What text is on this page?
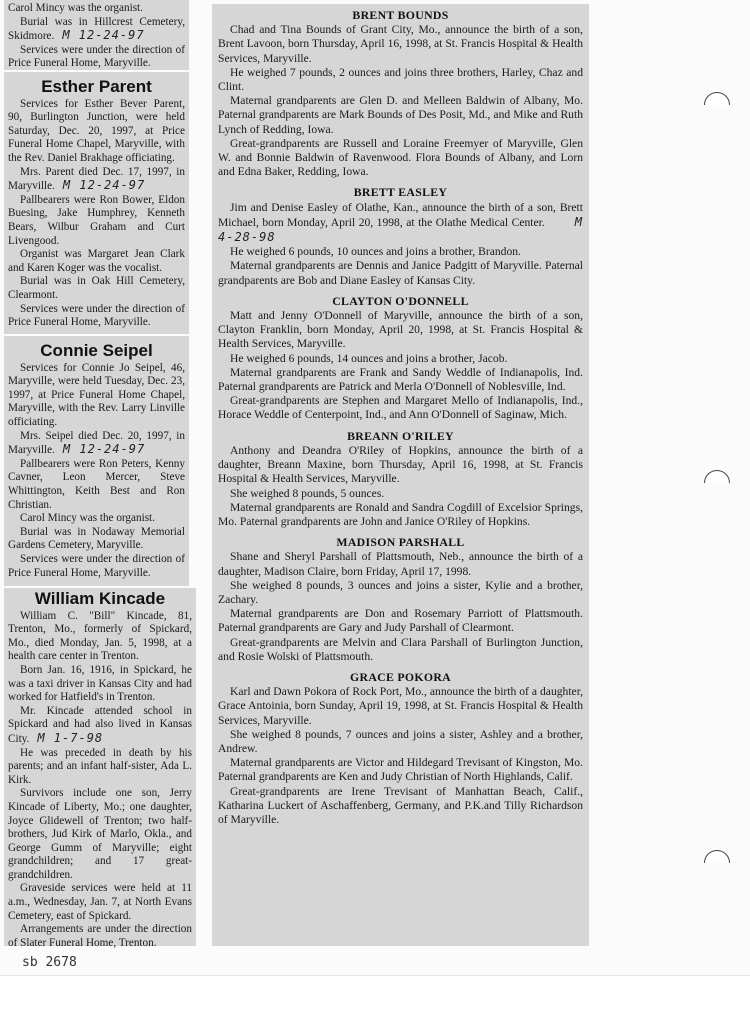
Carol Mincy was the organist.

Burial was in Hillcrest Cemetery, Skidmore. M 12-24-97

Services were under the direction of Price Funeral Home, Maryville.

Esther Parent

Services for Esther Bever Parent, 90, Burlington Junction, were held Saturday, Dec. 20, 1997, at Price Funeral Home Chapel, Maryville, with the Rev. Daniel Brakhage officiating.

Mrs. Parent died Dec. 17, 1997, in Maryville. M 12-24-97

Pallbearers were Ron Bower, Eldon Buesing, Jake Humphrey, Kenneth Bears, Wilbur Graham and Curt Livengood.

Organist was Margaret Jean Clark and Karen Koger was the vocalist.

Burial was in Oak Hill Cemetery, Clearmont.

Services were under the direction of Price Funeral Home, Maryville.

Connie Seipel

Services for Connie Jo Seipel, 46, Maryville, were held Tuesday, Dec. 23, 1997, at Price Funeral Home Chapel, Maryville, with the Rev. Larry Linville officiating.

Mrs. Seipel died Dec. 20, 1997, in Maryville. M 12-24-97

Pallbearers were Ron Peters, Kenny Cavner, Leon Mercer, Steve Whittington, Keith Best and Ron Christian.

Carol Mincy was the organist.

Burial was in Nodaway Memorial Gardens Cemetery, Maryville.

Services were under the direction of Price Funeral Home, Maryville.

William Kincade

William C. "Bill" Kincade, 81, Trenton, Mo., formerly of Spickard, Mo., died Monday, Jan. 5, 1998, at a health care center in Trenton.

Born Jan. 16, 1916, in Spickard, he was a taxi driver in Kansas City and had worked for Hatfield's in Trenton.

Mr. Kincade attended school in Spickard and had also lived in Kansas City. M 1-7-98

He was preceded in death by his parents; and an infant half-sister, Ada L. Kirk.

Survivors include one son, Jerry Kincade of Liberty, Mo.; one daughter, Joyce Glidewell of Trenton; two half-brothers, Jud Kirk of Marlo, Okla., and George Gumm of Maryville; eight grandchildren; and 17 great-grandchildren.

Graveside services were held at 11 a.m., Wednesday, Jan. 7, at North Evans Cemetery, east of Spickard.

Arrangements are under the direction of Slater Funeral Home, Trenton.

BRENT BOUNDS

Chad and Tina Bounds of Grant City, Mo., announce the birth of a son, Brent Lavoon, born Thursday, April 16, 1998, at St. Francis Hospital & Health Services, Maryville.

He weighed 7 pounds, 2 ounces and joins three brothers, Harley, Chaz and Clint.

Maternal grandparents are Glen D. and Melleen Baldwin of Albany, Mo. Paternal grandparents are Mark Bounds of Des Posit, Md., and Mike and Ruth Lynch of Redding, Iowa.

Great-grandparents are Russell and Loraine Freemyer of Maryville, Glen W. and Bonnie Baldwin of Ravenwood. Flora Bounds of Albany, and Lorn and Edna Baker, Redding, Iowa.

BRETT EASLEY

Jim and Denise Easley of Olathe, Kan., announce the birth of a son, Brett Michael, born Monday, April 20, 1998, at the Olathe Medical Center.	M 4-28-98

He weighed 6 pounds, 10 ounces and joins a brother, Brandon.

Maternal grandparents are Dennis and Janice Padgitt of Maryville. Paternal grandparents are Bob and Diane Easley of Kansas City.

CLAYTON O'DONNELL

Matt and Jenny O'Donnell of Maryville, announce the birth of a son, Clayton Franklin, born Monday, April 20, 1998, at St. Francis Hospital & Health Services, Maryville.

He weighed 6 pounds, 14 ounces and joins a brother, Jacob.

Maternal grandparents are Frank and Sandy Weddle of Indianapolis, Ind. Paternal grandparents are Patrick and Merla O'Donnell of Noblesville, Ind.

Great-grandparents are Stephen and Margaret Mello of Indianapolis, Ind., Horace Weddle of Centerpoint, Ind., and Ann O'Donnell of Saginaw, Mich.

BREANN O'RILEY

Anthony and Deandra O'Riley of Hopkins, announce the birth of a daughter, Breann Maxine, born Thursday, April 16, 1998, at St. Francis Hospital & Health Services, Maryville.

She weighed 8 pounds, 5 ounces.

Maternal grandparents are Ronald and Sandra Cogdill of Excelsior Springs, Mo. Paternal grandparents are John and Janice O'Riley of Hopkins.

MADISON PARSHALL

Shane and Sheryl Parshall of Plattsmouth, Neb., announce the birth of a daughter, Madison Claire, born Friday, April 17, 1998.

She weighed 8 pounds, 3 ounces and joins a sister, Kylie and a brother, Zachary.

Maternal grandparents are Don and Rosemary Parriott of Plattsmouth. Paternal grandparents are Gary and Judy Parshall of Clearmont.

Great-grandparents are Melvin and Clara Parshall of Burlington Junction, and Rosie Wolski of Plattsmouth.

GRACE POKORA

Karl and Dawn Pokora of Rock Port, Mo., announce the birth of a daughter, Grace Antoinia, born Sunday, April 19, 1998, at St. Francis Hospital & Health Services, Maryville.

She weighed 8 pounds, 7 ounces and joins a sister, Ashley and a brother, Andrew.

Maternal grandparents are Victor and Hildegard Trevisant of Kingston, Mo. Paternal grandparents are Ken and Judy Christian of North Highlands, Calif.

Great-grandparents are Irene Trevisant of Manhattan Beach, Calif., Katharina Luckert of Aschaffenberg, Germany, and P.K.and Tilly Richardson of Maryville.

sb 2678
